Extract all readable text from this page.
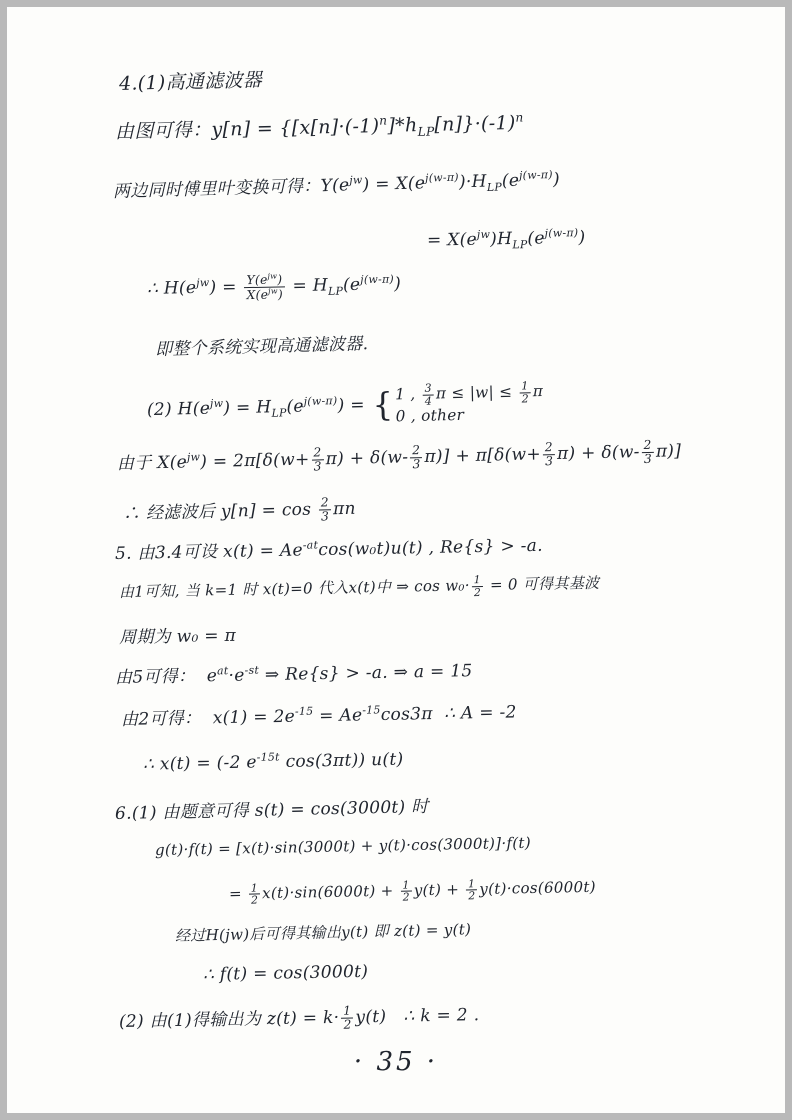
4.(1)高通滤波器
由图可得：$y[n] = \{[x[n]\cdot(-1)^n]*h_{LP}[n]\}\cdot(-1)^n$
两边同时傅里叶变换可得：$Y(e^{jw}) = X(e^{j(w-\pi)})\cdot H_{LP}(e^{j(w-\pi)})$
= $X(e^{jw})H_{LP}(e^{j(w-\pi)})$
∴ $H(e^{jw}) = \frac{Y(e^{jw})}{X(e^{jw})} = H_{LP}(e^{j(w-\pi)})$
即整个系统实现高通滤波器.
(2) $H(e^{jw}) = H_{LP}(e^{j(w-\pi)}) = \{1$ , $\frac{3}{4}$ $\pi \le |w| \le \frac{1}{2}$ π
0 , other
由于 $X(e^{jw}) = 2\pi[\delta(w+ \frac{2}{3} \pi) + \delta(w- \frac{2}{3} \pi)] + \pi[\delta(w+ \frac{2}{3} \pi) + \delta(w- \frac{2}{3} \pi)]$
∴ 经滤波后 $y[n] = \cos \frac{2}{3}$ πn
5. 由3.4可设 $x(t) = Ae^{-at}\cos(w_0t)u(t)$ , Re{s} > -a.
由1可知, 当 k=1 时 x(t)=0 代入x(t)中 ⇒ $\cos w_0\cdot \frac{1}{2} = 0$ 可得其基波
周期为 w₀ = π
由5可得：  $e^{at}\cdot e^{-st}$ ⇒ Re{s} > -a. ⇒ a = 15
由2可得：  $x(1) = 2e^{-15} = Ae^{-15}\cos 3\pi$  ∴ A = -2
∴ x(t) = (-2 $e^{-15t}$ cos(3πt)) u(t)
6.(1) 由题意可得 s(t) = cos(3000t) 时
g(t)·f(t) = [x(t)·sin(3000t) + y(t)·cos(3000t)]·f(t)
= $\frac{1}{2} x(t)\cdot\sin(6000t) + \frac{1}{2} y(t) + \frac{1}{2} y(t)\cdot\cos(6000t)$
经过H(jw)后可得其输出y(t) 即 z(t) = y(t)
∴ f(t) = cos(3000t)
(2) 由(1)得输出为 $z(t) = k\cdot \frac{1}{2} y(t)$   ∴ k = 2 .
· 35 ·
